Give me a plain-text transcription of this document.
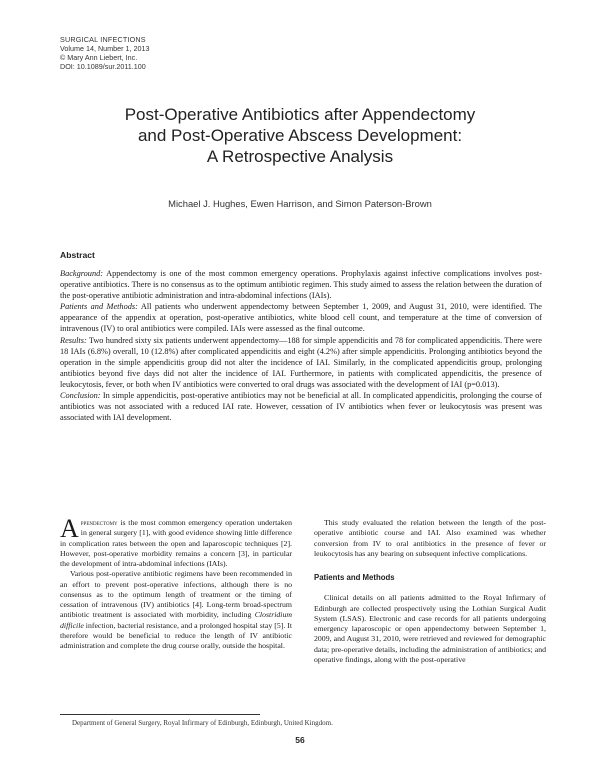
SURGICAL INFECTIONS
Volume 14, Number 1, 2013
© Mary Ann Liebert, Inc.
DOI: 10.1089/sur.2011.100
Post-Operative Antibiotics after Appendectomy
and Post-Operative Abscess Development:
A Retrospective Analysis
Michael J. Hughes, Ewen Harrison, and Simon Paterson-Brown
Abstract

Background: Appendectomy is one of the most common emergency operations. Prophylaxis against infective complications involves post-operative antibiotics. There is no consensus as to the optimum antibiotic regimen. This study aimed to assess the relation between the duration of the post-operative antibiotic administration and intra-abdominal infections (IAIs).

Patients and Methods: All patients who underwent appendectomy between September 1, 2009, and August 31, 2010, were identified. The appearance of the appendix at operation, post-operative antibiotics, white blood cell count, and temperature at the time of conversion of intravenous (IV) to oral antibiotics were compiled. IAIs were assessed as the final outcome.

Results: Two hundred sixty six patients underwent appendectomy—188 for simple appendicitis and 78 for complicated appendicitis. There were 18 IAIs (6.8%) overall, 10 (12.8%) after complicated appendicitis and eight (4.2%) after simple appendicitis. Prolonging antibiotics beyond the operation in the simple appendicitis group did not alter the incidence of IAI. Similarly, in the complicated appendicitis group, prolonging antibiotics beyond five days did not alter the incidence of IAI. Furthermore, in patients with complicated appendicitis, the presence of leukocytosis, fever, or both when IV antibiotics were converted to oral drugs was associated with the development of IAI (p=0.013).

Conclusion: In simple appendicitis, post-operative antibiotics may not be beneficial at all. In complicated appendicitis, prolonging the course of antibiotics was not associated with a reduced IAI rate. However, cessation of IV antibiotics when fever or leukocytosis was present was associated with IAI development.

Appendectomy is the most common emergency operation undertaken in general surgery [1], with good evidence showing little difference in complication rates between the open and laparoscopic techniques [2]. However, post-operative morbidity remains a concern [3], in particular the development of intra-abdominal infections (IAIs).

Various post-operative antibiotic regimens have been recommended in an effort to prevent post-operative infections, although there is no consensus as to the optimum length of treatment or the timing of cessation of intravenous (IV) antibiotics [4]. Long-term broad-spectrum antibiotic treatment is associated with morbidity, including Clostridium difficile infection, bacterial resistance, and a prolonged hospital stay [5]. It therefore would be beneficial to reduce the length of IV antibiotic administration and complete the drug course orally, outside the hospital.

This study evaluated the relation between the length of the post-operative antibiotic course and IAI. Also examined was whether conversion from IV to oral antibiotics in the presence of fever or leukocytosis has any bearing on subsequent infective complications.

Patients and Methods

Clinical details on all patients admitted to the Royal Infirmary of Edinburgh are collected prospectively using the Lothian Surgical Audit System (LSAS). Electronic and case records for all patients undergoing emergency laparoscopic or open appendectomy between September 1, 2009, and August 31, 2010, were retrieved and reviewed for demographic data; pre-operative details, including the administration of antibiotics; and operative findings, along with the post-operative

Department of General Surgery, Royal Infirmary of Edinburgh, Edinburgh, United Kingdom.
56
